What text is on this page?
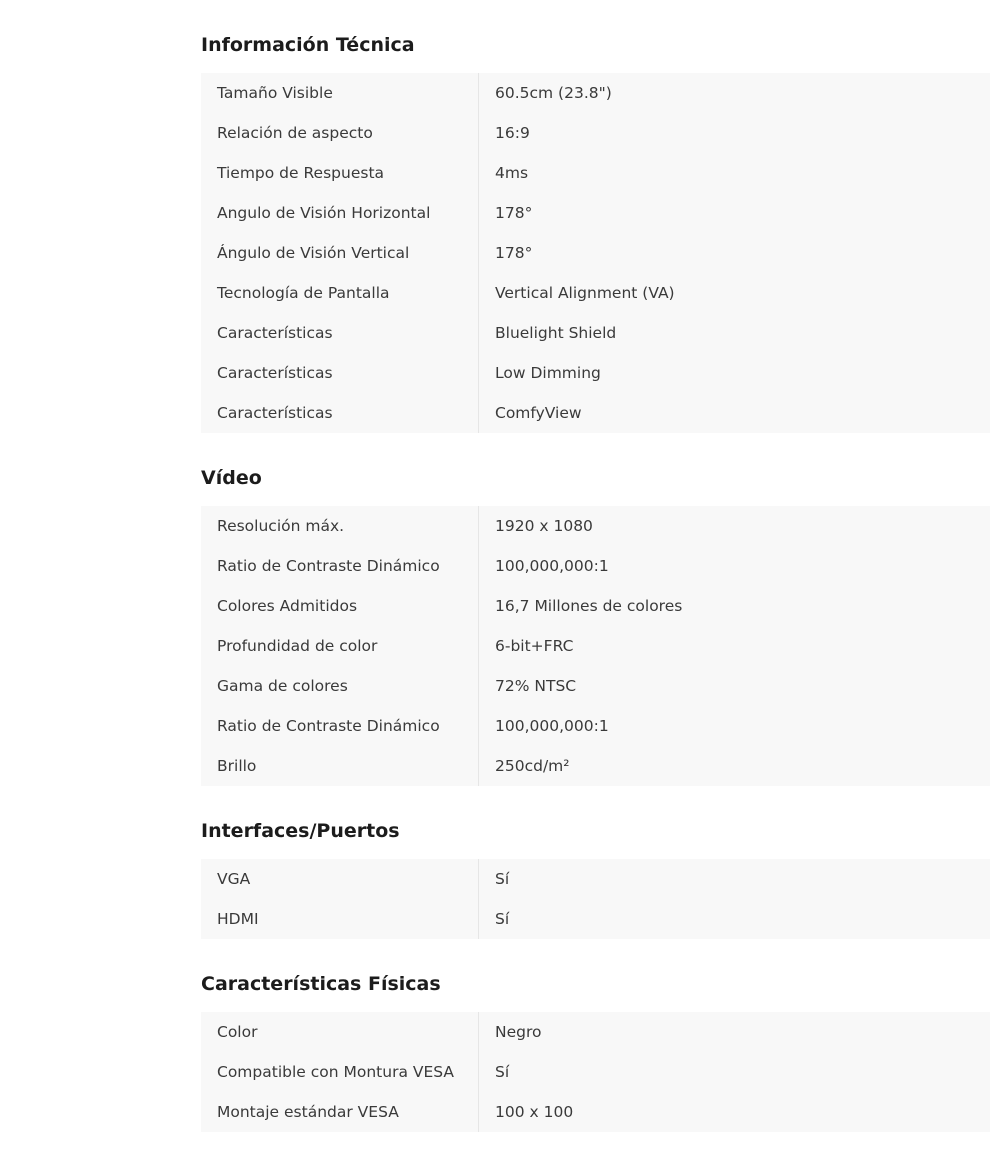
Información Técnica
Tamaño Visible	60.5cm (23.8")
Relación de aspecto	16:9
Tiempo de Respuesta	4ms
Angulo de Visión Horizontal	178°
Ángulo de Visión Vertical	178°
Tecnología de Pantalla	Vertical Alignment (VA)
Características	Bluelight Shield
Características	Low Dimming
Características	ComfyView
Vídeo
Resolución máx.	1920 x 1080
Ratio de Contraste Dinámico	100,000,000:1
Colores Admitidos	16,7 Millones de colores
Profundidad de color	6-bit+FRC
Gama de colores	72% NTSC
Ratio de Contraste Dinámico	100,000,000:1
Brillo	250cd/m²
Interfaces/Puertos
VGA	Sí
HDMI	Sí
Características Físicas
Color	Negro
Compatible con Montura VESA	Sí
Montaje estándar VESA	100 x 100
